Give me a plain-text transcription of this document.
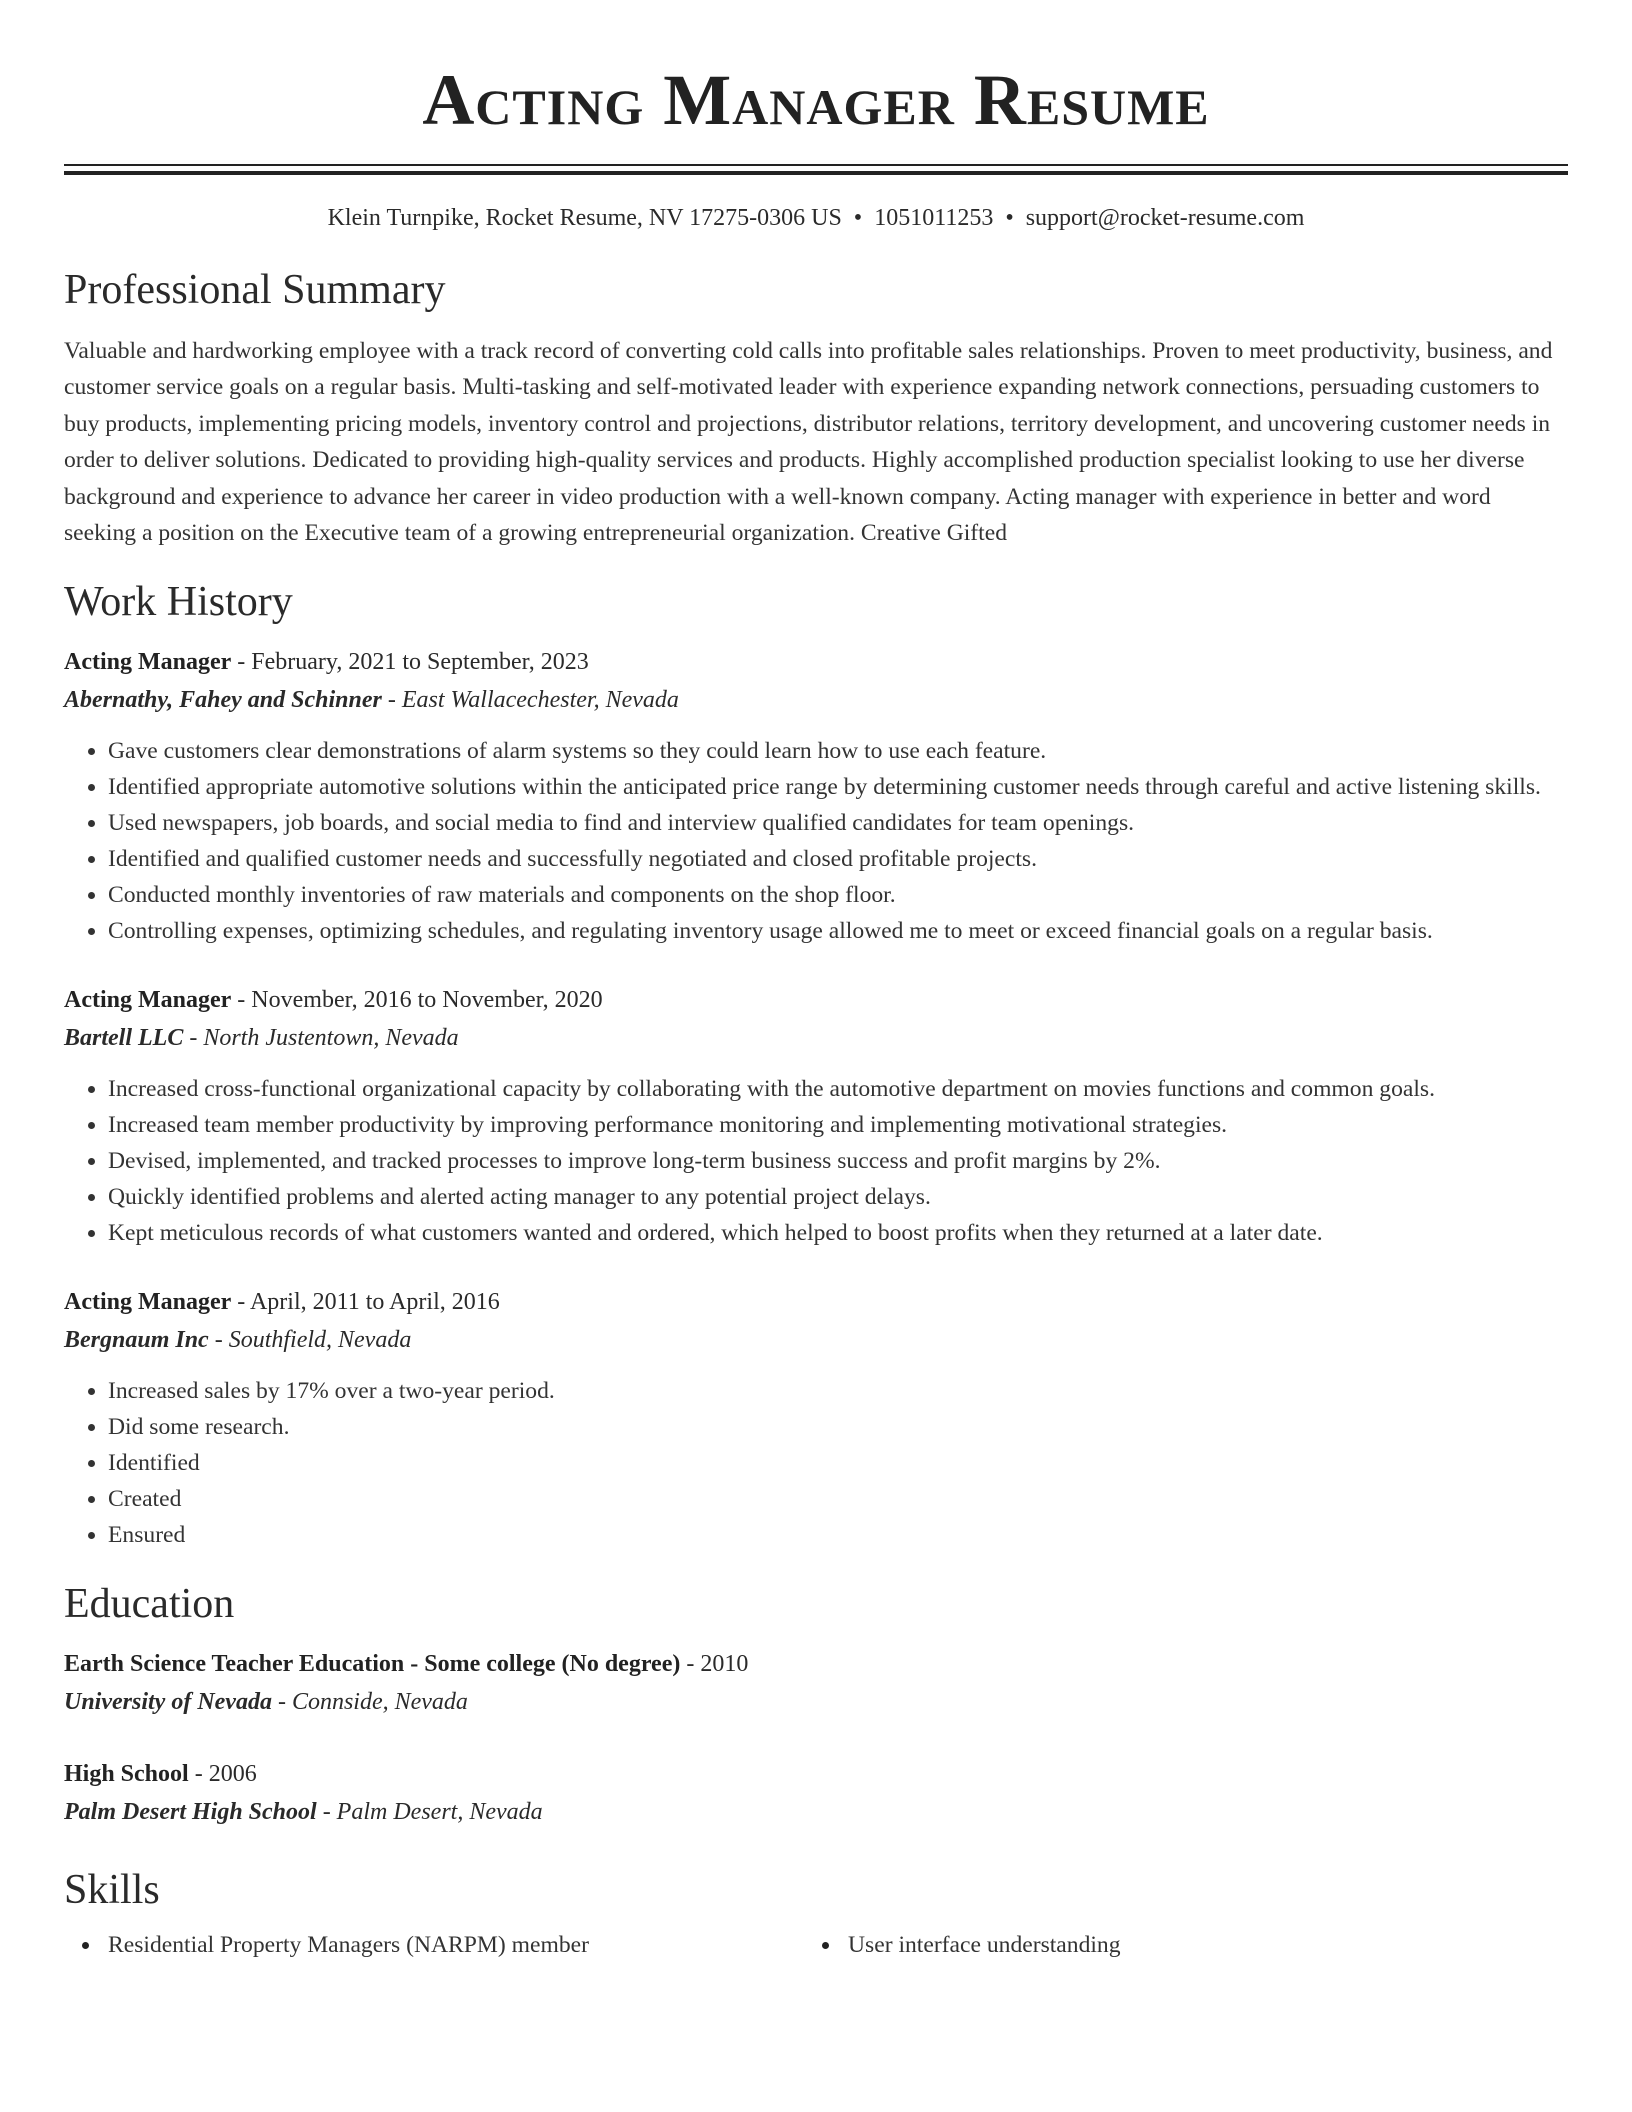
Acting Manager Resume
Klein Turnpike, Rocket Resume, NV 17275-0306 US • 1051011253 • support@rocket-resume.com
Professional Summary

Valuable and hardworking employee with a track record of converting cold calls into profitable sales relationships. Proven to meet productivity, business, and customer service goals on a regular basis. Multi-tasking and self-motivated leader with experience expanding network connections, persuading customers to buy products, implementing pricing models, inventory control and projections, distributor relations, territory development, and uncovering customer needs in order to deliver solutions. Dedicated to providing high-quality services and products. Highly accomplished production specialist looking to use her diverse background and experience to advance her career in video production with a well-known company. Acting manager with experience in better and word seeking a position on the Executive team of a growing entrepreneurial organization. Creative Gifted

Work History
Acting Manager - February, 2021 to September, 2023
Abernathy, Fahey and Schinner - East Wallacechester, Nevada
• Gave customers clear demonstrations of alarm systems so they could learn how to use each feature.
• Identified appropriate automotive solutions within the anticipated price range by determining customer needs through careful and active listening skills.
• Used newspapers, job boards, and social media to find and interview qualified candidates for team openings.
• Identified and qualified customer needs and successfully negotiated and closed profitable projects.
• Conducted monthly inventories of raw materials and components on the shop floor.
• Controlling expenses, optimizing schedules, and regulating inventory usage allowed me to meet or exceed financial goals on a regular basis.
Acting Manager - November, 2016 to November, 2020
Bartell LLC - North Justentown, Nevada
• Increased cross-functional organizational capacity by collaborating with the automotive department on movies functions and common goals.
• Increased team member productivity by improving performance monitoring and implementing motivational strategies.
• Devised, implemented, and tracked processes to improve long-term business success and profit margins by 2%.
• Quickly identified problems and alerted acting manager to any potential project delays.
• Kept meticulous records of what customers wanted and ordered, which helped to boost profits when they returned at a later date.
Acting Manager - April, 2011 to April, 2016
Bergnaum Inc - Southfield, Nevada
• Increased sales by 17% over a two-year period.
• Did some research.
• Identified
• Created
• Ensured
Education
Earth Science Teacher Education - Some college (No degree) - 2010
University of Nevada - Connside, Nevada
High School - 2006
Palm Desert High School - Palm Desert, Nevada
Skills
Residential Property Managers (NARPM) member	User interface understanding
